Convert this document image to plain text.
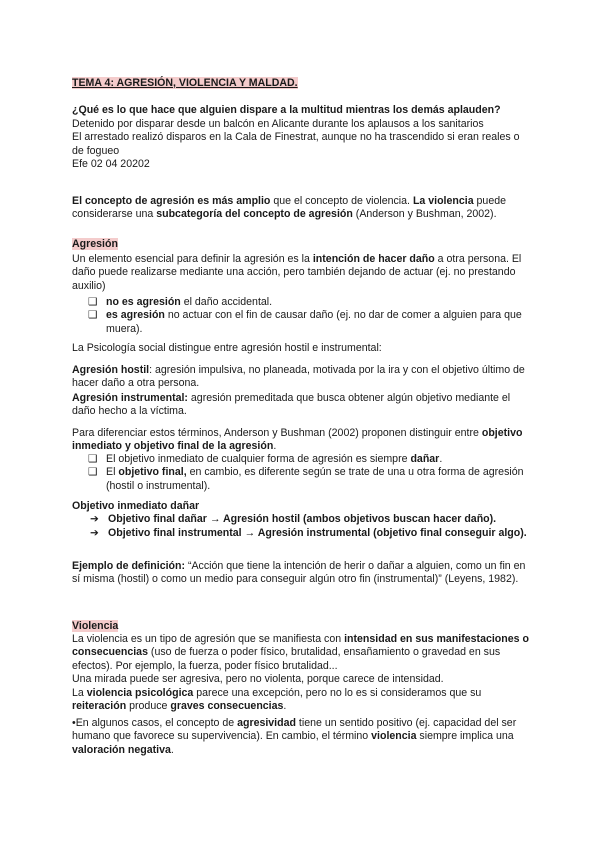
TEMA 4: AGRESIÓN, VIOLENCIA Y MALDAD.
¿Qué es lo que hace que alguien dispare a la multitud mientras los demás aplauden?

Detenido por disparar desde un balcón en Alicante durante los aplausos a los sanitarios

El arrestado realizó disparos en la Cala de Finestrat, aunque no ha trascendido si eran reales o de fogueo

Efe 02 04 20202

El concepto de agresión es más amplio que el concepto de violencia. La violencia puede considerarse una subcategoría del concepto de agresión (Anderson y Bushman, 2002).
Agresión
Un elemento esencial para definir la agresión es la intención de hacer daño a otra persona. El daño puede realizarse mediante una acción, pero también dejando de actuar (ej. no prestando auxilio)

❑ no es agresión el daño accidental.

❑ es agresión no actuar con el fin de causar daño (ej. no dar de comer a alguien para que muera).

La Psicología social distingue entre agresión hostil e instrumental:
Agresión hostil: agresión impulsiva, no planeada, motivada por la ira y con el objetivo último de hacer daño a otra persona.
Agresión instrumental: agresión premeditada que busca obtener algún objetivo mediante el daño hecho a la víctima.
Para diferenciar estos términos, Anderson y Bushman (2002) proponen distinguir entre objetivo inmediato y objetivo final de la agresión.

❑ El objetivo inmediato de cualquier forma de agresión es siempre dañar.

❑ El objetivo final, en cambio, es diferente según se trate de una u otra forma de agresión (hostil o instrumental).

Objetivo inmediato dañar

➔ Objetivo final dañar → Agresión hostil (ambos objetivos buscan hacer daño).

➔ Objetivo final instrumental → Agresión instrumental (objetivo final conseguir algo).

Ejemplo de definición: “Acción que tiene la intención de herir o dañar a alguien, como un fin en sí misma (hostil) o como un medio para conseguir algún otro fin (instrumental)” (Leyens, 1982).
Violencia

La violencia es un tipo de agresión que se manifiesta con intensidad en sus manifestaciones o consecuencias (uso de fuerza o poder físico, brutalidad, ensañamiento o gravedad en sus efectos). Por ejemplo, la fuerza, poder físico brutalidad...

Una mirada puede ser agresiva, pero no violenta, porque carece de intensidad.

La violencia psicológica parece una excepción, pero no lo es si consideramos que su reiteración produce graves consecuencias.

•En algunos casos, el concepto de agresividad tiene un sentido positivo (ej. capacidad del ser humano que favorece su supervivencia). En cambio, el término violencia siempre implica una valoración negativa.
